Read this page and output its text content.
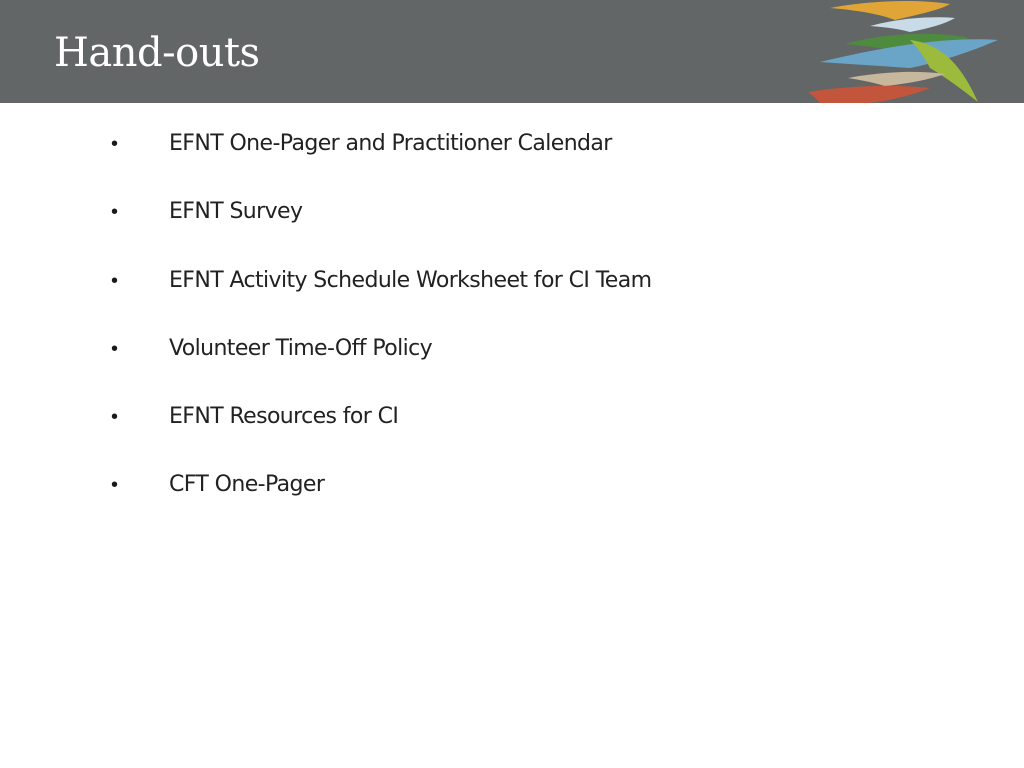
Hand-outs
• EFNT One-Pager and Practitioner Calendar
• EFNT Survey
• EFNT Activity Schedule Worksheet for CI Team
• Volunteer Time-Off Policy
• EFNT Resources for CI
• CFT One-Pager
